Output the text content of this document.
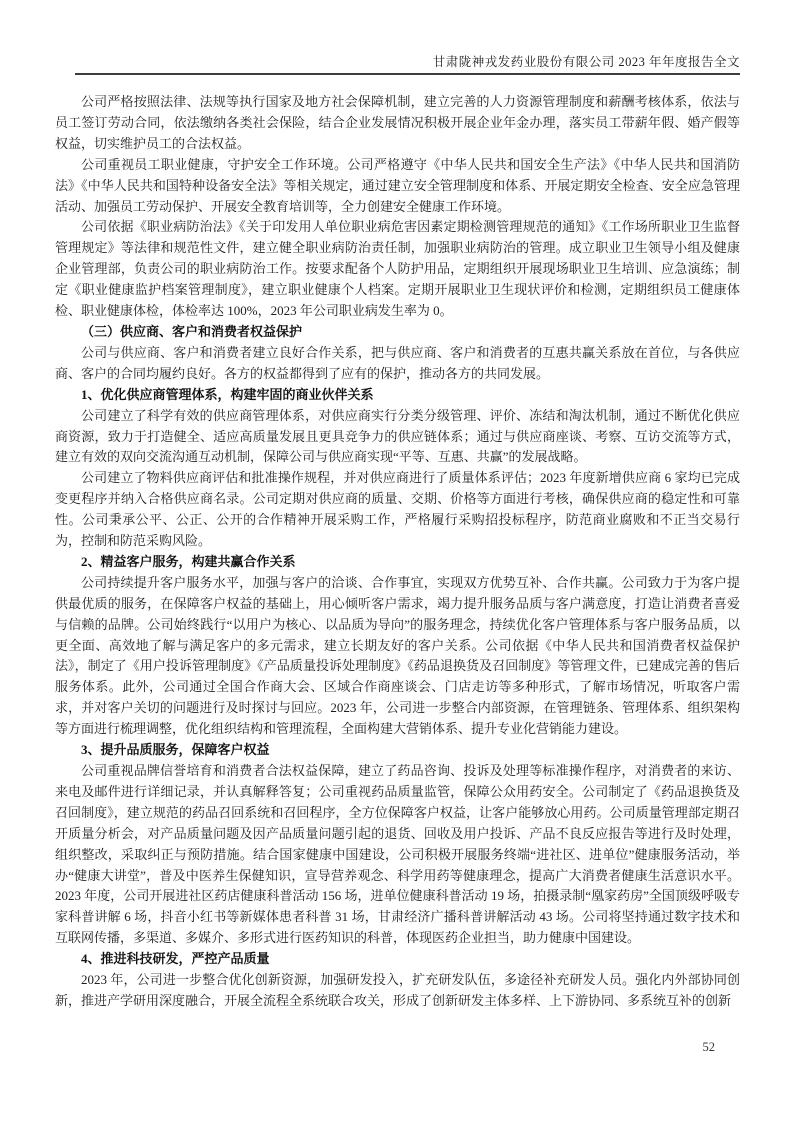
甘肃陇神戎发药业股份有限公司 2023 年年度报告全文

公司严格按照法律、法规等执行国家及地方社会保障机制，建立完善的人力资源管理制度和薪酬考核体系，依法与员工签订劳动合同，依法缴纳各类社会保险，结合企业发展情况积极开展企业年金办理，落实员工带薪年假、婚产假等权益，切实维护员工的合法权益。

公司重视员工职业健康，守护安全工作环境。公司严格遵守《中华人民共和国安全生产法》《中华人民共和国消防法》《中华人民共和国特种设备安全法》等相关规定，通过建立安全管理制度和体系、开展定期安全检查、安全应急管理活动、加强员工劳动保护、开展安全教育培训等，全力创建安全健康工作环境。

公司依据《职业病防治法》《关于印发用人单位职业病危害因素定期检测管理规范的通知》《工作场所职业卫生监督管理规定》等法律和规范性文件，建立健全职业病防治责任制，加强职业病防治的管理。成立职业卫生领导小组及健康企业管理部，负责公司的职业病防治工作。按要求配备个人防护用品，定期组织开展现场职业卫生培训、应急演练；制定《职业健康监护档案管理制度》，建立职业健康个人档案。定期开展职业卫生现状评价和检测，定期组织员工健康体检、职业健康体检，体检率达 100%，2023 年公司职业病发生率为 0。

（三）供应商、客户和消费者权益保护

公司与供应商、客户和消费者建立良好合作关系，把与供应商、客户和消费者的互惠共赢关系放在首位，与各供应商、客户的合同均履约良好。各方的权益都得到了应有的保护，推动各方的共同发展。

1、优化供应商管理体系，构建牢固的商业伙伴关系

公司建立了科学有效的供应商管理体系，对供应商实行分类分级管理、评价、冻结和淘汰机制，通过不断优化供应商资源，致力于打造健全、适应高质量发展且更具竞争力的供应链体系；通过与供应商座谈、考察、互访交流等方式，建立有效的双向交流沟通互动机制，保障公司与供应商实现“平等、互惠、共赢”的发展战略。

公司建立了物料供应商评估和批准操作规程，并对供应商进行了质量体系评估；2023 年度新增供应商 6 家均已完成变更程序并纳入合格供应商名录。公司定期对供应商的质量、交期、价格等方面进行考核，确保供应商的稳定性和可靠性。公司秉承公平、公正、公开的合作精神开展采购工作，严格履行采购招投标程序，防范商业腐败和不正当交易行为，控制和防范采购风险。

2、精益客户服务，构建共赢合作关系

公司持续提升客户服务水平，加强与客户的洽谈、合作事宜，实现双方优势互补、合作共赢。公司致力于为客户提供最优质的服务，在保障客户权益的基础上，用心倾听客户需求，竭力提升服务品质与客户满意度，打造让消费者喜爱与信赖的品牌。公司始终践行“以用户为核心、以品质为导向”的服务理念，持续优化客户管理体系与客户服务品质，以更全面、高效地了解与满足客户的多元需求，建立长期友好的客户关系。公司依据《中华人民共和国消费者权益保护法》，制定了《用户投诉管理制度》《产品质量投诉处理制度》《药品退换货及召回制度》等管理文件，已建成完善的售后服务体系。此外，公司通过全国合作商大会、区域合作商座谈会、门店走访等多种形式，了解市场情况，听取客户需求，并对客户关切的问题进行及时探讨与回应。2023 年，公司进一步整合内部资源，在管理链条、管理体系、组织架构等方面进行梳理调整，优化组织结构和管理流程，全面构建大营销体系、提升专业化营销能力建设。

3、提升品质服务，保障客户权益

公司重视品牌信誉培育和消费者合法权益保障，建立了药品咨询、投诉及处理等标准操作程序，对消费者的来访、来电及邮件进行详细记录，并认真解释答复；公司重视药品质量监管，保障公众用药安全。公司制定了《药品退换货及召回制度》，建立规范的药品召回系统和召回程序，全方位保障客户权益，让客户能够放心用药。公司质量管理部定期召开质量分析会，对产品质量问题及因产品质量问题引起的退货、回收及用户投诉、产品不良反应报告等进行及时处理，组织整改，采取纠正与预防措施。结合国家健康中国建设，公司积极开展服务终端“进社区、进单位”健康服务活动，举办“健康大讲堂”，普及中医养生保健知识，宣导营养观念、科学用药等健康理念，提高广大消费者健康生活意识水平。2023 年度，公司开展进社区药店健康科普活动 156 场，进单位健康科普活动 19 场，拍摄录制“凰家药房”全国顶级呼吸专家科普讲解 6 场，抖音小红书等新媒体患者科普 31 场，甘肃经济广播科普讲解活动 43 场。公司将坚持通过数字技术和互联网传播，多渠道、多媒介、多形式进行医药知识的科普，体现医药企业担当，助力健康中国建设。

4、推进科技研发，严控产品质量

2023 年，公司进一步整合优化创新资源，加强研发投入，扩充研发队伍，多途径补充研发人员。强化内外部协同创新，推进产学研用深度融合，开展全流程全系统联合攻关，形成了创新研发主体多样、上下游协同、多系统互补的创新

52
